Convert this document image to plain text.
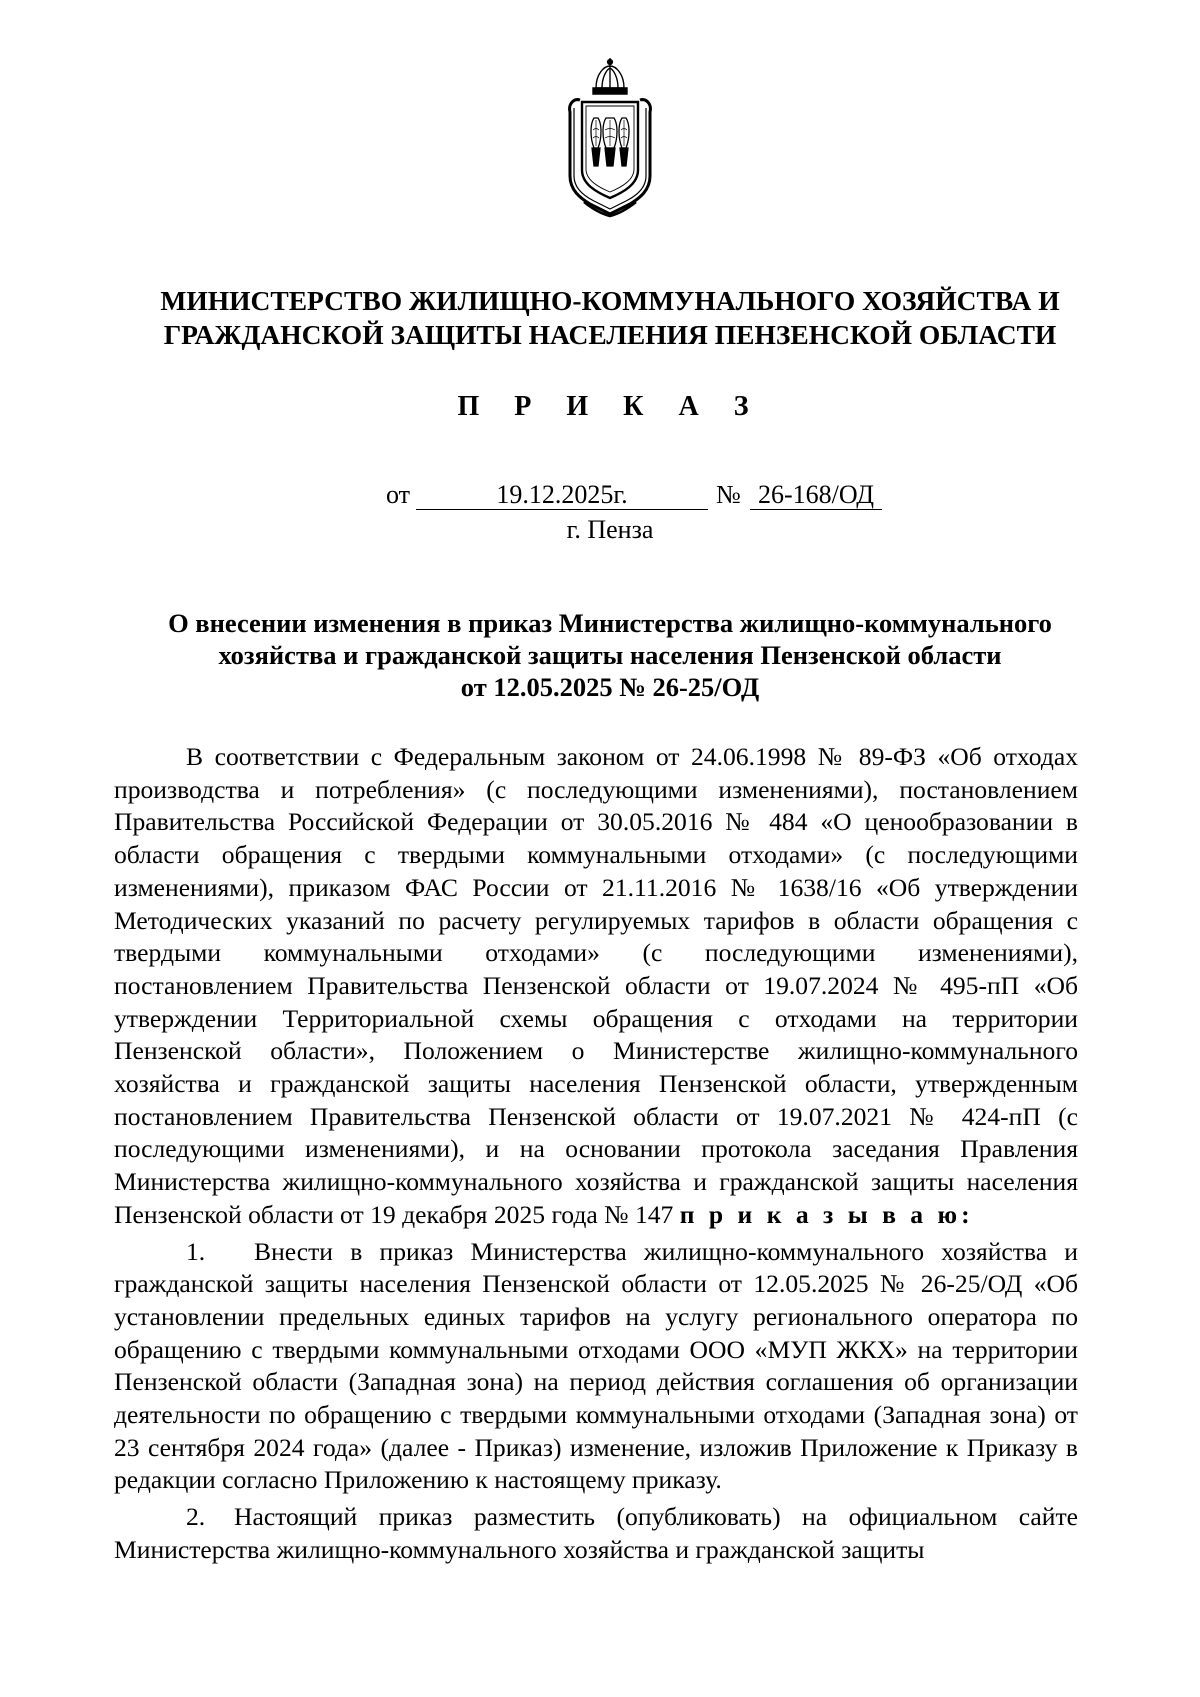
МИНИСТЕРСТВО ЖИЛИЩНО-КОММУНАЛЬНОГО ХОЗЯЙСТВА И
ГРАЖДАНСКОЙ ЗАЩИТЫ НАСЕЛЕНИЯ ПЕНЗЕНСКОЙ ОБЛАСТИ
П Р И К А З
от	19.12.2025г.	№ 26-168/ОД
г. Пенза
О внесении изменения в приказ Министерства жилищно-коммунального
хозяйства и гражданской защиты населения Пензенской области
от 12.05.2025 № 26-25/ОД

В соответствии с Федеральным законом от 24.06.1998 № 89-ФЗ «Об отходах производства и потребления» (с последующими изменениями), постановлением Правительства Российской Федерации от 30.05.2016 № 484 «О ценообразовании в области обращения с твердыми коммунальными отходами» (с последующими изменениями), приказом ФАС России от 21.11.2016 № 1638/16 «Об утверждении Методических указаний по расчету регулируемых тарифов в области обращения с твердыми коммунальными отходами» (с последующими изменениями), постановлением Правительства Пензенской области от 19.07.2024 № 495-пП «Об утверждении Территориальной схемы обращения с отходами на территории Пензенской области», Положением о Министерстве жилищно-коммунального хозяйства и гражданской защиты населения Пензенской области, утвержденным постановлением Правительства Пензенской области от 19.07.2021 № 424-пП (с последующими изменениями), и на основании протокола заседания Правления Министерства жилищно-коммунального хозяйства и гражданской защиты населения Пензенской области от 19 декабря 2025 года № 147 п р и к а з ы в а ю:

1. Внести в приказ Министерства жилищно-коммунального хозяйства и гражданской защиты населения Пензенской области от 12.05.2025 № 26-25/ОД «Об установлении предельных единых тарифов на услугу регионального оператора по обращению с твердыми коммунальными отходами ООО «МУП ЖКХ» на территории Пензенской области (Западная зона) на период действия соглашения об организации деятельности по обращению с твердыми коммунальными отходами (Западная зона) от 23 сентября 2024 года» (далее - Приказ) изменение, изложив Приложение к Приказу в редакции согласно Приложению к настоящему приказу.

2. Настоящий приказ разместить (опубликовать) на официальном сайте Министерства жилищно-коммунального хозяйства и гражданской защиты
